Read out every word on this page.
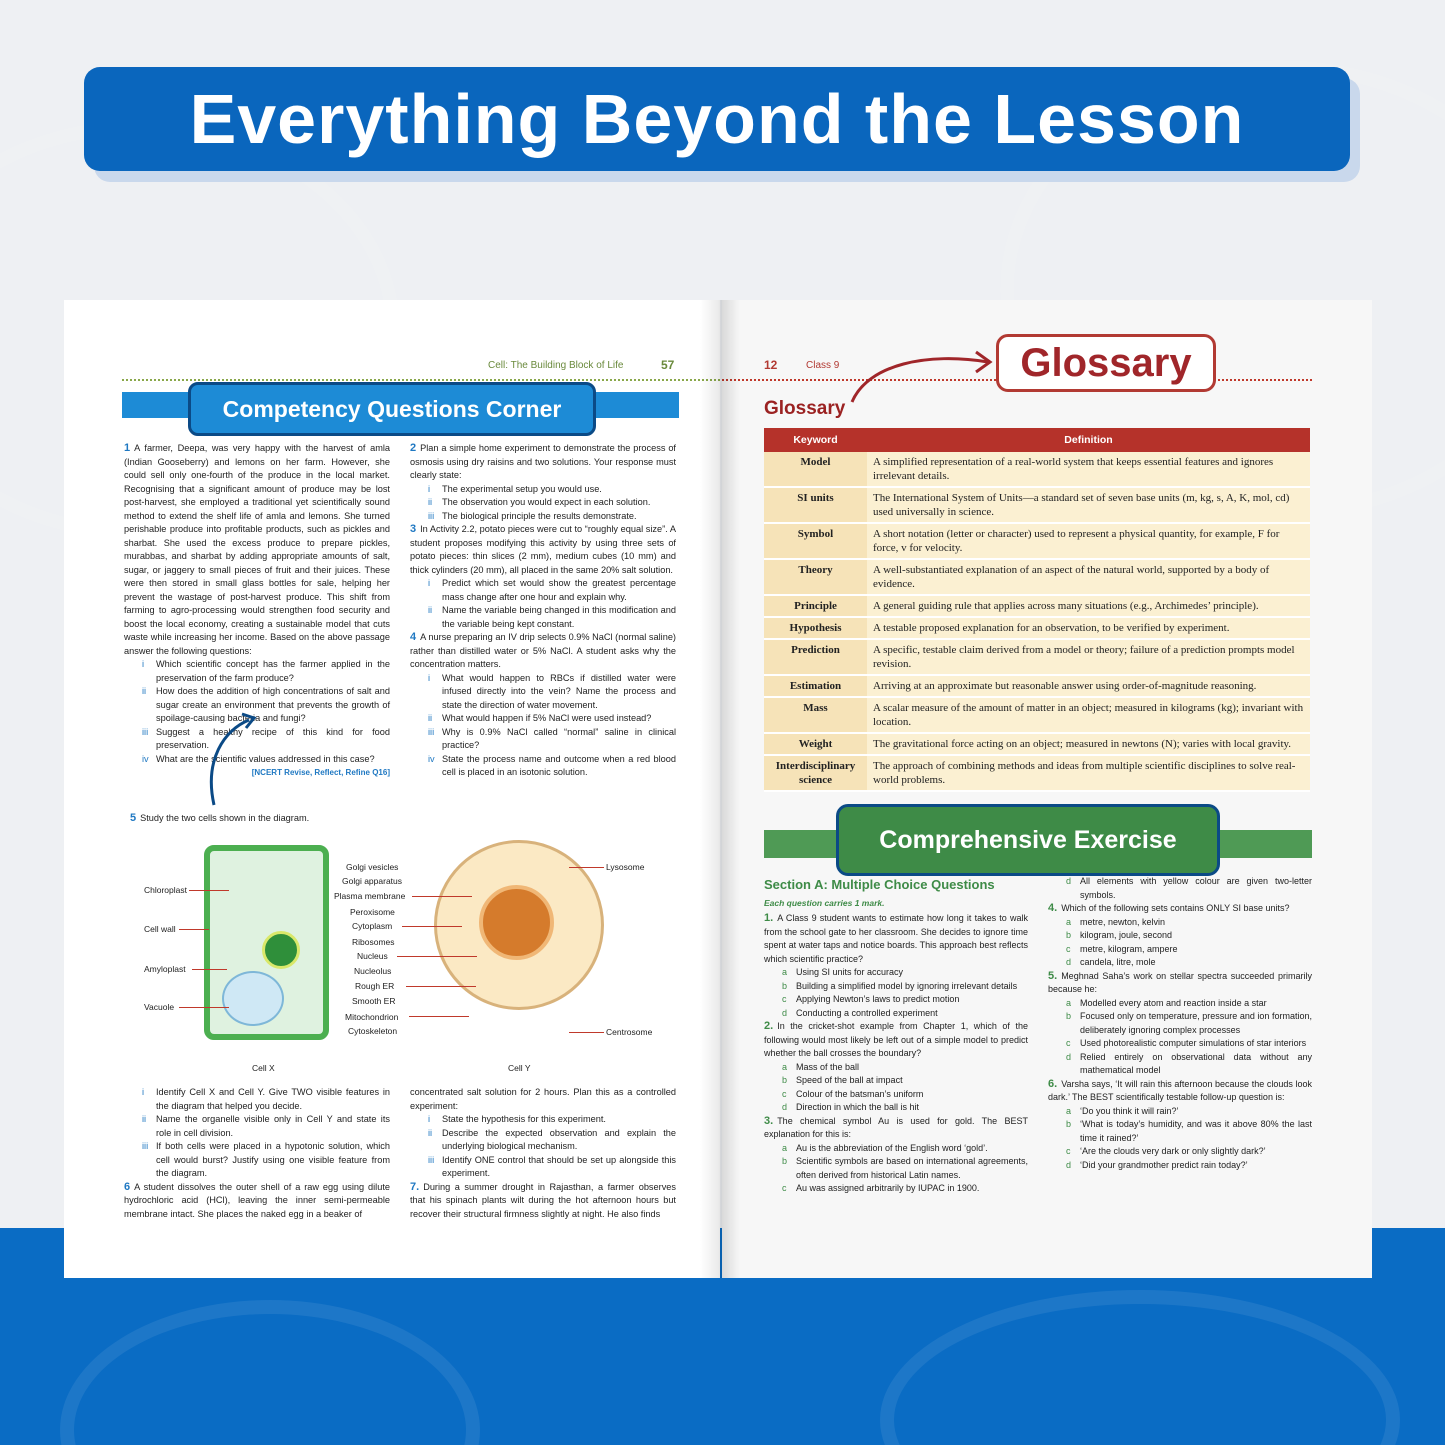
Everything Beyond the Lesson
Cell: The Building Block of Life	57
Competency Questions Corner
1 A farmer, Deepa, was very happy with the harvest of amla (Indian Gooseberry) and lemons on her farm. However, she could sell only one-fourth of the produce in the local market. Recognising that a significant amount of produce may be lost post-harvest, she employed a traditional yet scientifically sound method to extend the shelf life of amla and lemons. She turned perishable produce into profitable products, such as pickles and sharbat. She used the excess produce to prepare pickles, murabbas, and sharbat by adding appropriate amounts of salt, sugar, or jaggery to small pieces of fruit and their juices. These were then stored in small glass bottles for sale, helping her prevent the wastage of post-harvest produce. This shift from farming to agro-processing would strengthen food security and boost the local economy, creating a sustainable model that cuts waste while increasing her income. Based on the above passage answer the following questions:
i Which scientific concept has the farmer applied in the preservation of the farm produce?
ii How does the addition of high concentrations of salt and sugar create an environment that prevents the growth of spoilage-causing bacteria and fungi?
iii Suggest a healthy recipe of this kind for food preservation.
iv What are the scientific values addressed in this case?
[NCERT Revise, Reflect, Refine Q16]
2 Plan a simple home experiment to demonstrate the process of osmosis using dry raisins and two solutions. Your response must clearly state:
i The experimental setup you would use.
ii The observation you would expect in each solution.
iii The biological principle the results demonstrate.
3 In Activity 2.2, potato pieces were cut to “roughly equal size”. A student proposes modifying this activity by using three sets of potato pieces: thin slices (2 mm), medium cubes (10 mm) and thick cylinders (20 mm), all placed in the same 20% salt solution.
i Predict which set would show the greatest percentage mass change after one hour and explain why.
ii Name the variable being changed in this modification and the variable being kept constant.
4 A nurse preparing an IV drip selects 0.9% NaCl (normal saline) rather than distilled water or 5% NaCl. A student asks why the concentration matters.
i What would happen to RBCs if distilled water were infused directly into the vein? Name the process and state the direction of water movement.
ii What would happen if 5% NaCl were used instead?
iii Why is 0.9% NaCl called “normal” saline in clinical practice?
iv State the process name and outcome when a red blood cell is placed in an isotonic solution.
5 Study the two cells shown in the diagram.
Chloroplast
Cell wall
Amyloplast
Vacuole
Golgi vesicles
Golgi apparatus
Plasma membrane
Peroxisome
Cytoplasm
Ribosomes
Nucleus
Nucleolus
Rough ER
Smooth ER
Mitochondrion
Cytoskeleton
Lysosome
Centrosome
Cell X	Cell Y
i Identify Cell X and Cell Y. Give TWO visible features in the diagram that helped you decide.
ii Name the organelle visible only in Cell Y and state its role in cell division.
iii If both cells were placed in a hypotonic solution, which cell would burst? Justify using one visible feature from the diagram.
6 A student dissolves the outer shell of a raw egg using dilute hydrochloric acid (HCl), leaving the inner semi-permeable membrane intact. She places the naked egg in a beaker of
concentrated salt solution for 2 hours. Plan this as a controlled experiment:
i State the hypothesis for this experiment.
ii Describe the expected observation and explain the underlying biological mechanism.
iii Identify ONE control that should be set up alongside this experiment.
7. During a summer drought in Rajasthan, a farmer observes that his spinach plants wilt during the hot afternoon hours but recover their structural firmness slightly at night. He also finds
12	Class 9	Glossary
Glossary
Keyword	Definition
Model	A simplified representation of a real-world system that keeps essential features and ignores irrelevant details.
SI units	The International System of Units—a standard set of seven base units (m, kg, s, A, K, mol, cd) used universally in science.
Symbol	A short notation (letter or character) used to represent a physical quantity, for example, F for force, v for velocity.
Theory	A well-substantiated explanation of an aspect of the natural world, supported by a body of evidence.
Principle	A general guiding rule that applies across many situations (e.g., Archimedes’ principle).
Hypothesis	A testable proposed explanation for an observation, to be verified by experiment.
Prediction	A specific, testable claim derived from a model or theory; failure of a prediction prompts model revision.
Estimation	Arriving at an approximate but reasonable answer using order-of-magnitude reasoning.
Mass	A scalar measure of the amount of matter in an object; measured in kilograms (kg); invariant with location.
Weight	The gravitational force acting on an object; measured in newtons (N); varies with local gravity.
Interdisciplinary science	The approach of combining methods and ideas from multiple scientific disciplines to solve real-world problems.
Comprehensive Exercise
Section A: Multiple Choice Questions
Each question carries 1 mark.
1. A Class 9 student wants to estimate how long it takes to walk from the school gate to her classroom. She decides to ignore time spent at water taps and notice boards. This approach best reflects which scientific practice?
a Using SI units for accuracy
b Building a simplified model by ignoring irrelevant details
c Applying Newton’s laws to predict motion
d Conducting a controlled experiment
2. In the cricket-shot example from Chapter 1, which of the following would most likely be left out of a simple model to predict whether the ball crosses the boundary?
a Mass of the ball
b Speed of the ball at impact
c Colour of the batsman’s uniform
d Direction in which the ball is hit
3. The chemical symbol Au is used for gold. The BEST explanation for this is:
a Au is the abbreviation of the English word ‘gold’.
b Scientific symbols are based on international agreements, often derived from historical Latin names.
c Au was assigned arbitrarily by IUPAC in 1900.
d All elements with yellow colour are given two-letter symbols.
4. Which of the following sets contains ONLY SI base units?
a metre, newton, kelvin
b kilogram, joule, second
c metre, kilogram, ampere
d candela, litre, mole
5. Meghnad Saha’s work on stellar spectra succeeded primarily because he:
a Modelled every atom and reaction inside a star
b Focused only on temperature, pressure and ion formation, deliberately ignoring complex processes
c Used photorealistic computer simulations of star interiors
d Relied entirely on observational data without any mathematical model
6. Varsha says, ‘It will rain this afternoon because the clouds look dark.’ The BEST scientifically testable follow-up question is:
a ‘Do you think it will rain?’
b ‘What is today’s humidity, and was it above 80% the last time it rained?’
c ‘Are the clouds very dark or only slightly dark?’
d ‘Did your grandmother predict rain today?’
